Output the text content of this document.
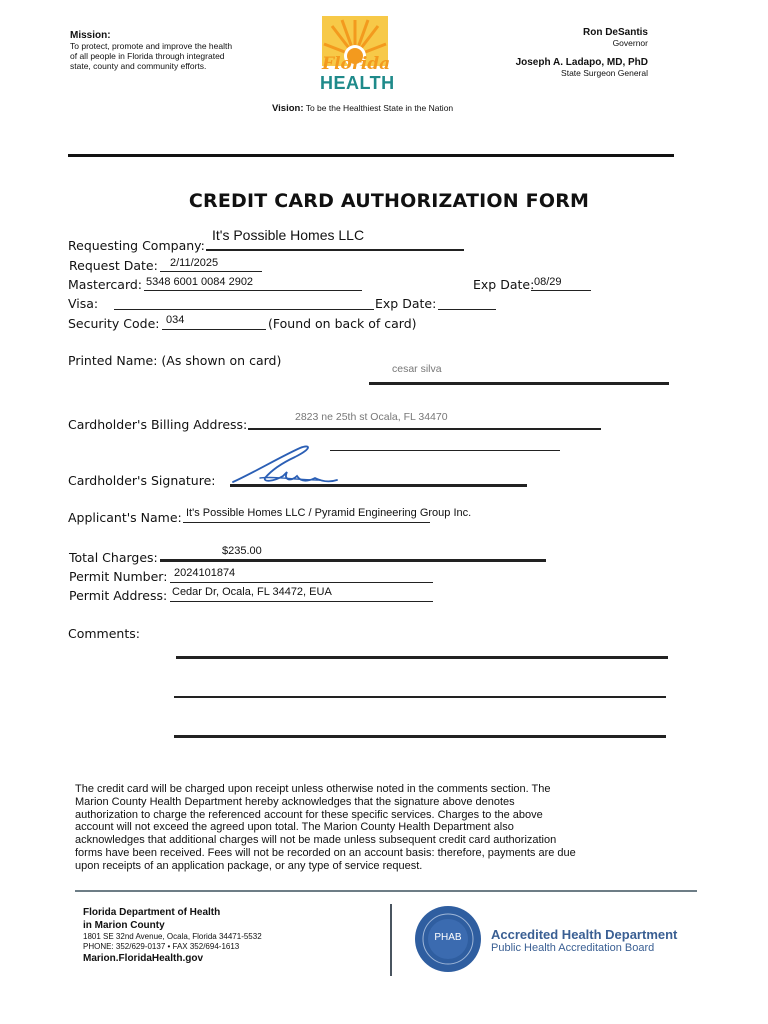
Mission:
To protect, promote and improve the health
of all people in Florida through integrated
state, county and community efforts.	Florida
HEALTH
Vision: To be the Healthiest State in the Nation
Ron DeSantis
Governor
Joseph A. Ladapo, MD, PhD
State Surgeon General
CREDIT CARD AUTHORIZATION FORM
Requesting Company:
It's Possible Homes LLC
Request Date: 2/11/2025
Mastercard: 5348 6001 0084 2902	Exp Date: 08/29
Visa:	Exp Date:
Security Code: 034	(Found on back of card)
Printed Name: (As shown on card)
cesar silva
Cardholder's Billing Address:	2823 ne 25th st Ocala, FL 34470
Cardholder's Signature:
Applicant's Name: It's Possible Homes LLC / Pyramid Engineering Group Inc.
Total Charges:	$235.00
Permit Number: 2024101874
Permit Address: Cedar Dr, Ocala, FL 34472, EUA
Comments:
The credit card will be charged upon receipt unless otherwise noted in the comments section. The
Marion County Health Department hereby acknowledges that the signature above denotes
authorization to charge the referenced account for these specific services. Charges to the above
account will not exceed the agreed upon total. The Marion County Health Department also
acknowledges that additional charges will not be made unless subsequent credit card authorization
forms have been received. Fees will not be recorded on an account basis: therefore, payments are due
upon receipts of an application package, or any type of service request.
Florida Department of Health
in Marion County
1801 SE 32nd Avenue, Ocala, Florida 34471-5532
PHONE: 352/629-0137 • FAX 352/694-1613
Marion.FloridaHealth.gov
PHAB	Accredited Health Department
Public Health Accreditation Board
